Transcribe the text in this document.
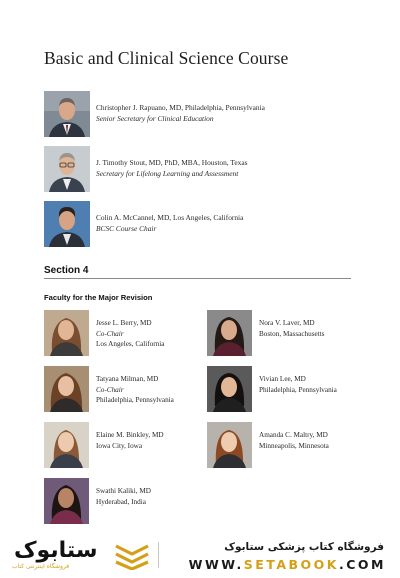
Basic and Clinical Science Course
Christopher J. Rapuano, MD, Philadelphia, Pennsylvania
Senior Secretary for Clinical Education
J. Timothy Stout, MD, PhD, MBA, Houston, Texas
Secretary for Lifelong Learning and Assessment
Colin A. McCannel, MD, Los Angeles, California
BCSC Course Chair
Section 4
Faculty for the Major Revision
Jesse L. Berry, MD
Co-Chair
Los Angeles, California
Tatyana Milman, MD
Co-Chair
Philadelphia, Pennsylvania
Elaine M. Binkley, MD
Iowa City, Iowa
Swathi Kaliki, MD
Hyderabad, India
Nora V. Laver, MD
Boston, Massachusetts
Vivian Lee, MD
Philadelphia, Pennsylvania
Amanda C. Maltry, MD
Minneapolis, Minnesota
ستابوک
فروشگاه اینترنتی کتاب
فروشگاه کتاب پزشکی ستابوک
WWW.SETABOOK.COM
